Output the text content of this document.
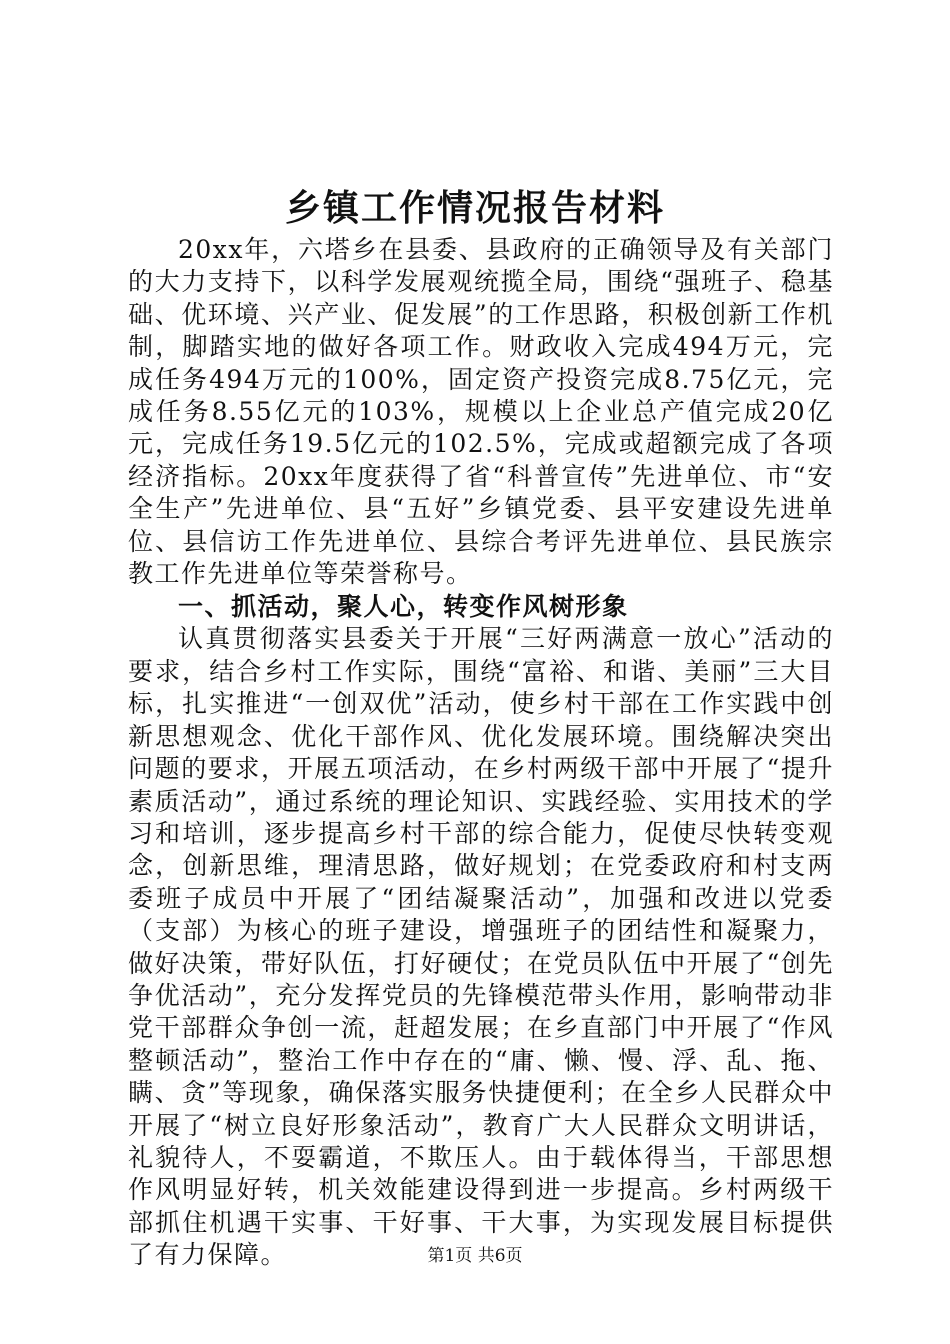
乡镇工作情况报告材料

20xx年，六塔乡在县委、县政府的正确领导及有关部门的大力支持下，以科学发展观统揽全局，围绕“强班子、稳基础、优环境、兴产业、促发展”的工作思路，积极创新工作机制，脚踏实地的做好各项工作。财政收入完成494万元，完成任务494万元的100%，固定资产投资完成8.75亿元，完成任务8.55亿元的103%，规模以上企业总产值完成20亿元，完成任务19.5亿元的102.5%，完成或超额完成了各项经济指标。20xx年度获得了省“科普宣传”先进单位、市“安全生产”先进单位、县“五好”乡镇党委、县平安建设先进单位、县信访工作先进单位、县综合考评先进单位、县民族宗教工作先进单位等荣誉称号。

一、抓活动，聚人心，转变作风树形象

认真贯彻落实县委关于开展“三好两满意一放心”活动的要求，结合乡村工作实际，围绕“富裕、和谐、美丽”三大目标，扎实推进“一创双优”活动，使乡村干部在工作实践中创新思想观念、优化干部作风、优化发展环境。围绕解决突出问题的要求，开展五项活动，在乡村两级干部中开展了“提升素质活动”，通过系统的理论知识、实践经验、实用技术的学习和培训，逐步提高乡村干部的综合能力，促使尽快转变观念，创新思维，理清思路，做好规划；在党委政府和村支两委班子成员中开展了“团结凝聚活动”，加强和改进以党委（支部）为核心的班子建设，增强班子的团结性和凝聚力，做好决策，带好队伍，打好硬仗；在党员队伍中开展了“创先争优活动”，充分发挥党员的先锋模范带头作用，影响带动非党干部群众争创一流，赶超发展；在乡直部门中开展了“作风整顿活动”，整治工作中存在的“庸、懒、慢、浮、乱、拖、瞒、贪”等现象，确保落实服务快捷便利；在全乡人民群众中开展了“树立良好形象活动”，教育广大人民群众文明讲话，礼貌待人，不耍霸道，不欺压人。由于载体得当，干部思想作风明显好转，机关效能建设得到进一步提高。乡村两级干部抓住机遇干实事、干好事、干大事，为实现发展目标提供了有力保障。	第1页 共6页
